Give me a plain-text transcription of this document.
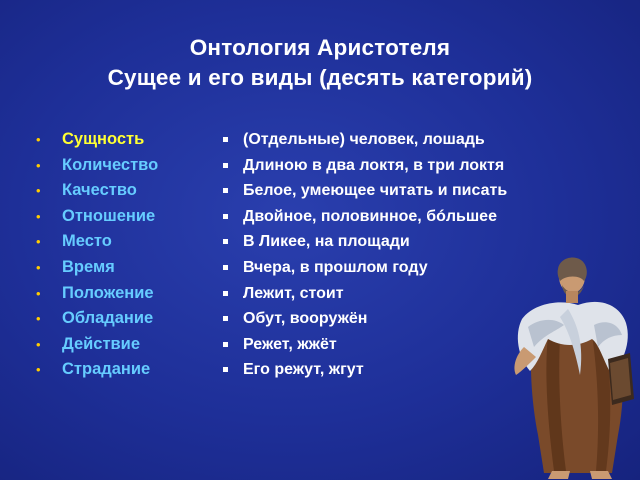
Онтология Аристотеля
Сущее и его виды (десять категорий)
• Сущность
• Количество
• Качество
• Отношение
• Место
• Время
• Положение
• Обладание
• Действие
• Страдание
(Отдельные) человек, лошадь
Длиною в два локтя, в три локтя
Белое, умеющее читать и писать
Двойное, половинное, бóльшее
В Ликее, на площади
Вчера, в прошлом году
Лежит, стоит
Обут, вооружён
Режет, жжёт
Его режут, жгут
